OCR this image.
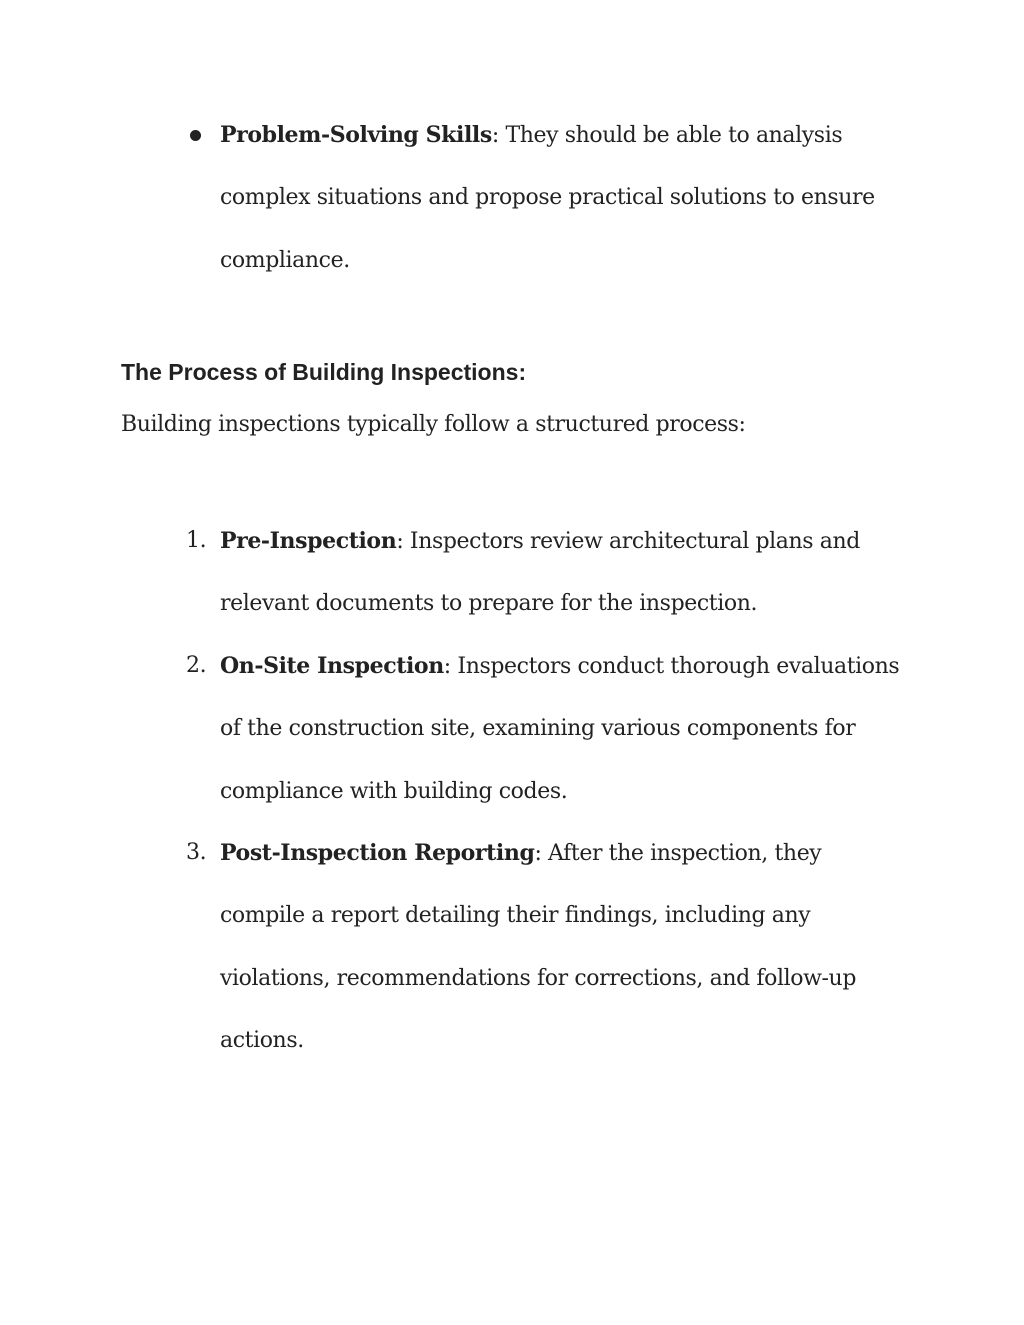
Problem-Solving Skills: They should be able to analysis complex situations and propose practical solutions to ensure compliance.
The Process of Building Inspections:

Building inspections typically follow a structured process:

1. Pre-Inspection: Inspectors review architectural plans and relevant documents to prepare for the inspection.
2. On-Site Inspection: Inspectors conduct thorough evaluations of the construction site, examining various components for compliance with building codes.
3. Post-Inspection Reporting: After the inspection, they compile a report detailing their findings, including any violations, recommendations for corrections, and follow-up actions.
